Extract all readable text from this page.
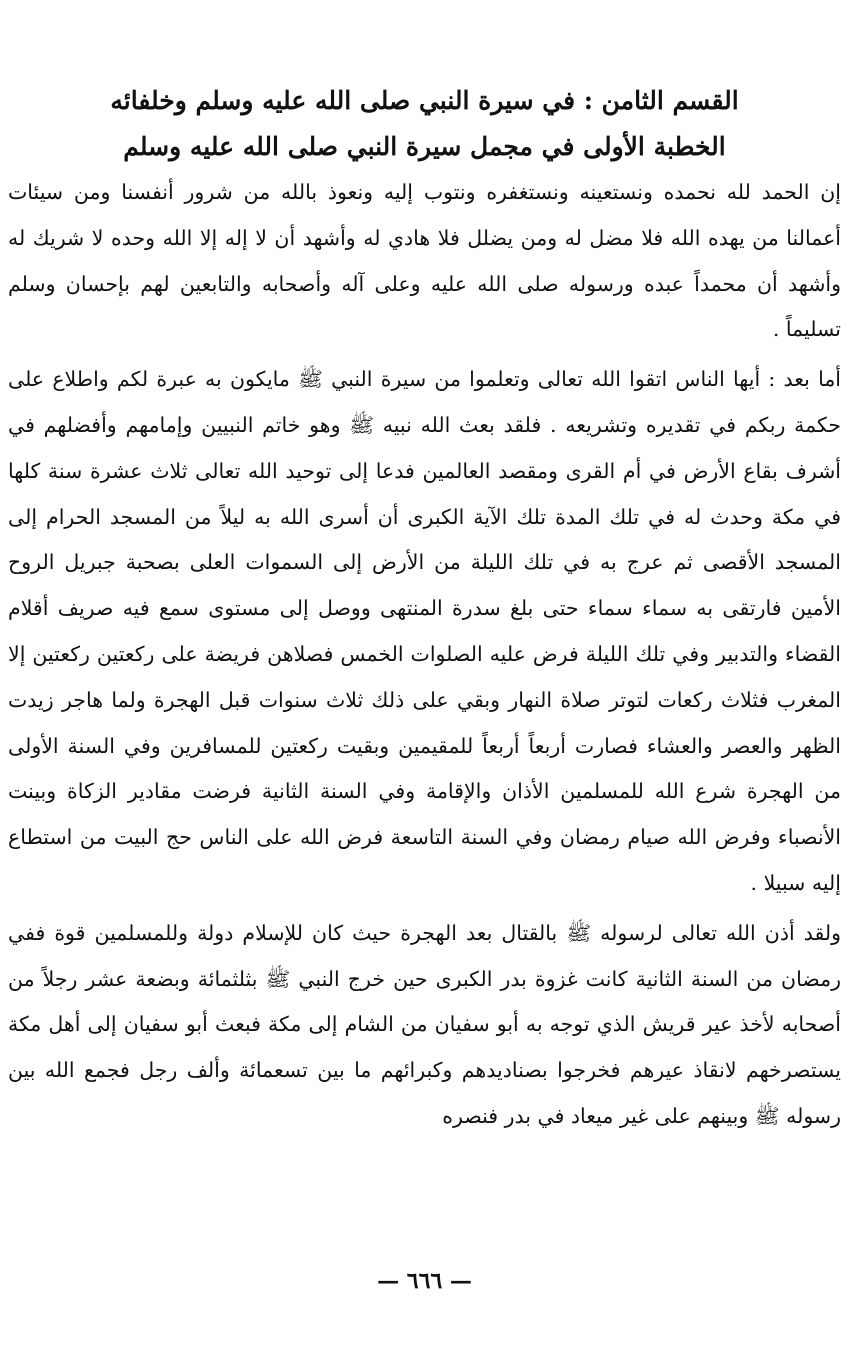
القسم الثامن : في سيرة النبي صلى الله عليه وسلم وخلفائه
الخطبة الأولى في مجمل سيرة النبي صلى الله عليه وسلم

إن الحمد لله نحمده ونستعينه ونستغفره ونتوب إليه ونعوذ بالله من شرور أنفسنا ومن سيئات أعمالنا من يهده الله فلا مضل له ومن يضلل فلا هادي له وأشهد أن لا إله إلا الله وحده لا شريك له وأشهد أن محمداً عبده ورسوله صلى الله عليه وعلى آله وأصحابه والتابعين لهم بإحسان وسلم تسليماً .

أما بعد : أيها الناس اتقوا الله تعالى وتعلموا من سيرة النبي ﷺ مايكون به عبرة لكم واطلاع على حكمة ربكم في تقديره وتشريعه . فلقد بعث الله نبيه ﷺ وهو خاتم النبيين وإمامهم وأفضلهم في أشرف بقاع الأرض في أم القرى ومقصد العالمين فدعا إلى توحيد الله تعالى ثلاث عشرة سنة كلها في مكة وحدث له في تلك المدة تلك الآية الكبرى أن أسرى الله به ليلاً من المسجد الحرام إلى المسجد الأقصى ثم عرج به في تلك الليلة من الأرض إلى السموات العلى بصحبة جبريل الروح الأمين فارتقى به سماء سماء حتى بلغ سدرة المنتهى ووصل إلى مستوى سمع فيه صريف أقلام القضاء والتدبير وفي تلك الليلة فرض عليه الصلوات الخمس فصلاهن فريضة على ركعتين ركعتين إلا المغرب فثلاث ركعات لتوتر صلاة النهار وبقي على ذلك ثلاث سنوات قبل الهجرة ولما هاجر زيدت الظهر والعصر والعشاء فصارت أربعاً أربعاً للمقيمين وبقيت ركعتين للمسافرين وفي السنة الأولى من الهجرة شرع الله للمسلمين الأذان والإقامة وفي السنة الثانية فرضت مقادير الزكاة وبينت الأنصباء وفرض الله صيام رمضان وفي السنة التاسعة فرض الله على الناس حج البيت من استطاع إليه سبيلا .

ولقد أذن الله تعالى لرسوله ﷺ بالقتال بعد الهجرة حيث كان للإسلام دولة وللمسلمين قوة ففي رمضان من السنة الثانية كانت غزوة بدر الكبرى حين خرج النبي ﷺ بثلثمائة وبضعة عشر رجلاً من أصحابه لأخذ عير قريش الذي توجه به أبو سفيان من الشام إلى مكة فبعث أبو سفيان إلى أهل مكة يستصرخهم لانقاذ عيرهم فخرجوا بصناديدهم وكبرائهم ما بين تسعمائة وألف رجل فجمع الله بين رسوله ﷺ وبينهم على غير ميعاد في بدر فنصره

— ٦٦٦ —
